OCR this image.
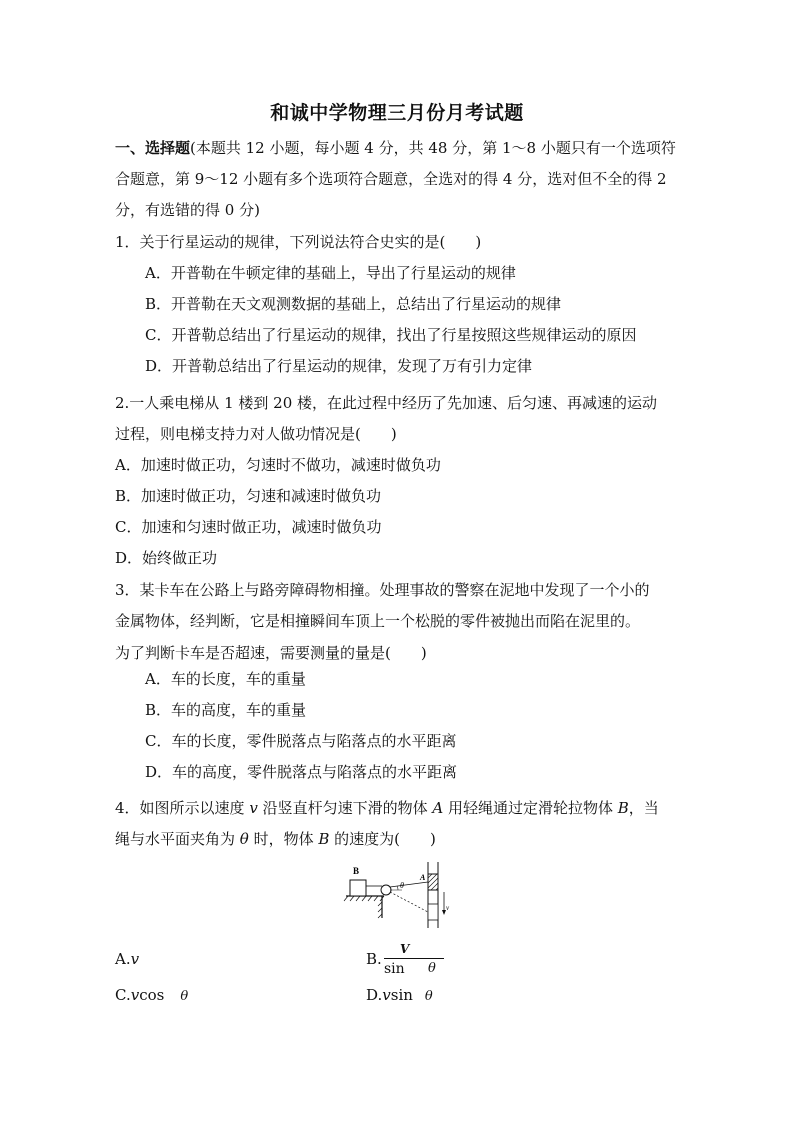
和诚中学物理三月份月考试题
一、选择题(本题共 12 小题，每小题 4 分，共 48 分，第 1～8 小题只有一个选项符
合题意，第 9～12 小题有多个选项符合题意，全选对的得 4 分，选对但不全的得 2
分，有选错的得 0 分)
1．关于行星运动的规律，下列说法符合史实的是(　　)
A．开普勒在牛顿定律的基础上，导出了行星运动的规律
B．开普勒在天文观测数据的基础上，总结出了行星运动的规律
C．开普勒总结出了行星运动的规律，找出了行星按照这些规律运动的原因
D．开普勒总结出了行星运动的规律，发现了万有引力定律
2.一人乘电梯从 1 楼到 20 楼，在此过程中经历了先加速、后匀速、再减速的运动
过程，则电梯支持力对人做功情况是(　　)
A．加速时做正功，匀速时不做功，减速时做负功
B．加速时做正功，匀速和减速时做负功
C．加速和匀速时做正功，减速时做负功
D．始终做正功
3．某卡车在公路上与路旁障碍物相撞。处理事故的警察在泥地中发现了一个小的
金属物体，经判断，它是相撞瞬间车顶上一个松脱的零件被抛出而陷在泥里的。
为了判断卡车是否超速，需要测量的量是(　　)
A．车的长度，车的重量
B．车的高度，车的重量
C．车的长度，零件脱落点与陷落点的水平距离
D．车的高度，零件脱落点与陷落点的水平距离
4．如图所示以速度 v 沿竖直杆匀速下滑的物体 A 用轻绳通过定滑轮拉物体 B，当
绳与水平面夹角为 θ 时，物体 B 的速度为(　　)
B
θ
A
v
A.v	B.
V
sin θ
C.vcos θ	D.vsin θ
